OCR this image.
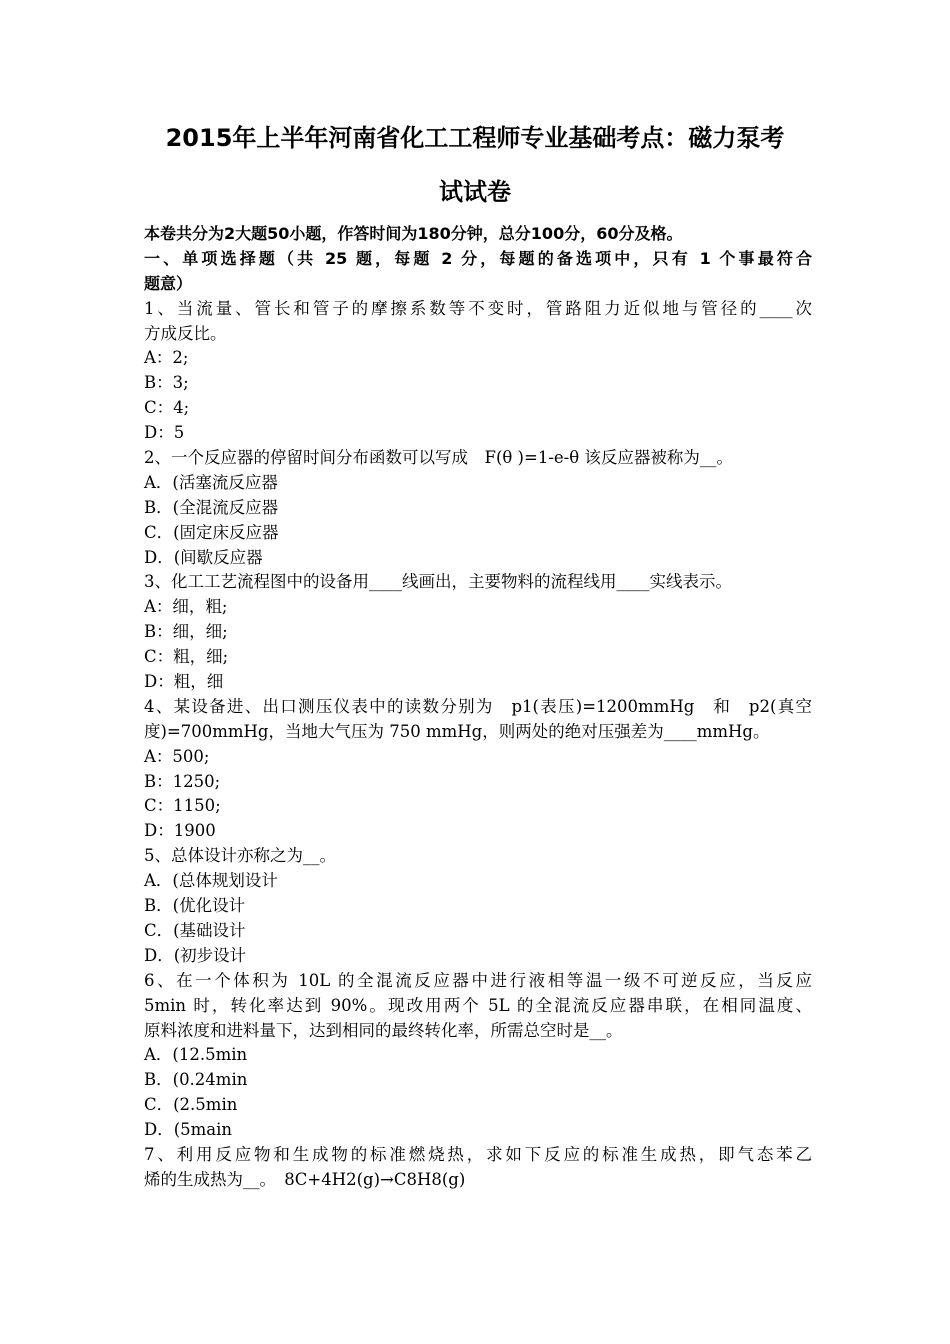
2015年上半年河南省化工工程师专业基础考点：磁力泵考
试试卷
本卷共分为2大题50小题，作答时间为180分钟，总分100分，60分及格。
一、单项选择题（共 25 题，每题 2 分，每题的备选项中，只有 1 个事最符合
题意）
1、当流量、管长和管子的摩擦系数等不变时，管路阻力近似地与管径的____次
方成反比。
A：2;
B：3;
C：4;
D：5
2、一个反应器的停留时间分布函数可以写成　F(θ )=1-e-θ 该反应器被称为__。
A．(活塞流反应器
B．(全混流反应器
C．(固定床反应器
D．(间歇反应器
3、化工工艺流程图中的设备用____线画出，主要物料的流程线用____实线表示。
A：细，粗;
B：细，细;
C：粗，细;
D：粗，细
4、某设备进、出口测压仪表中的读数分别为　p1(表压)=1200mmHg　和　p2(真空
度)=700mmHg，当地大气压为 750 mmHg，则两处的绝对压强差为____mmHg。
A：500;
B：1250;
C：1150;
D：1900
5、总体设计亦称之为__。
A．(总体规划设计
B．(优化设计
C．(基础设计
D．(初步设计
6、在一个体积为 10L 的全混流反应器中进行液相等温一级不可逆反应，当反应
5min 时，转化率达到 90%。现改用两个 5L 的全混流反应器串联，在相同温度、
原料浓度和进料量下，达到相同的最终转化率，所需总空时是__。
A．(12.5min
B．(0.24min
C．(2.5min
D．(5main
7、利用反应物和生成物的标准燃烧热，求如下反应的标准生成热，即气态苯乙
烯的生成热为__。　8C+4H2(g)→C8H8(g)
